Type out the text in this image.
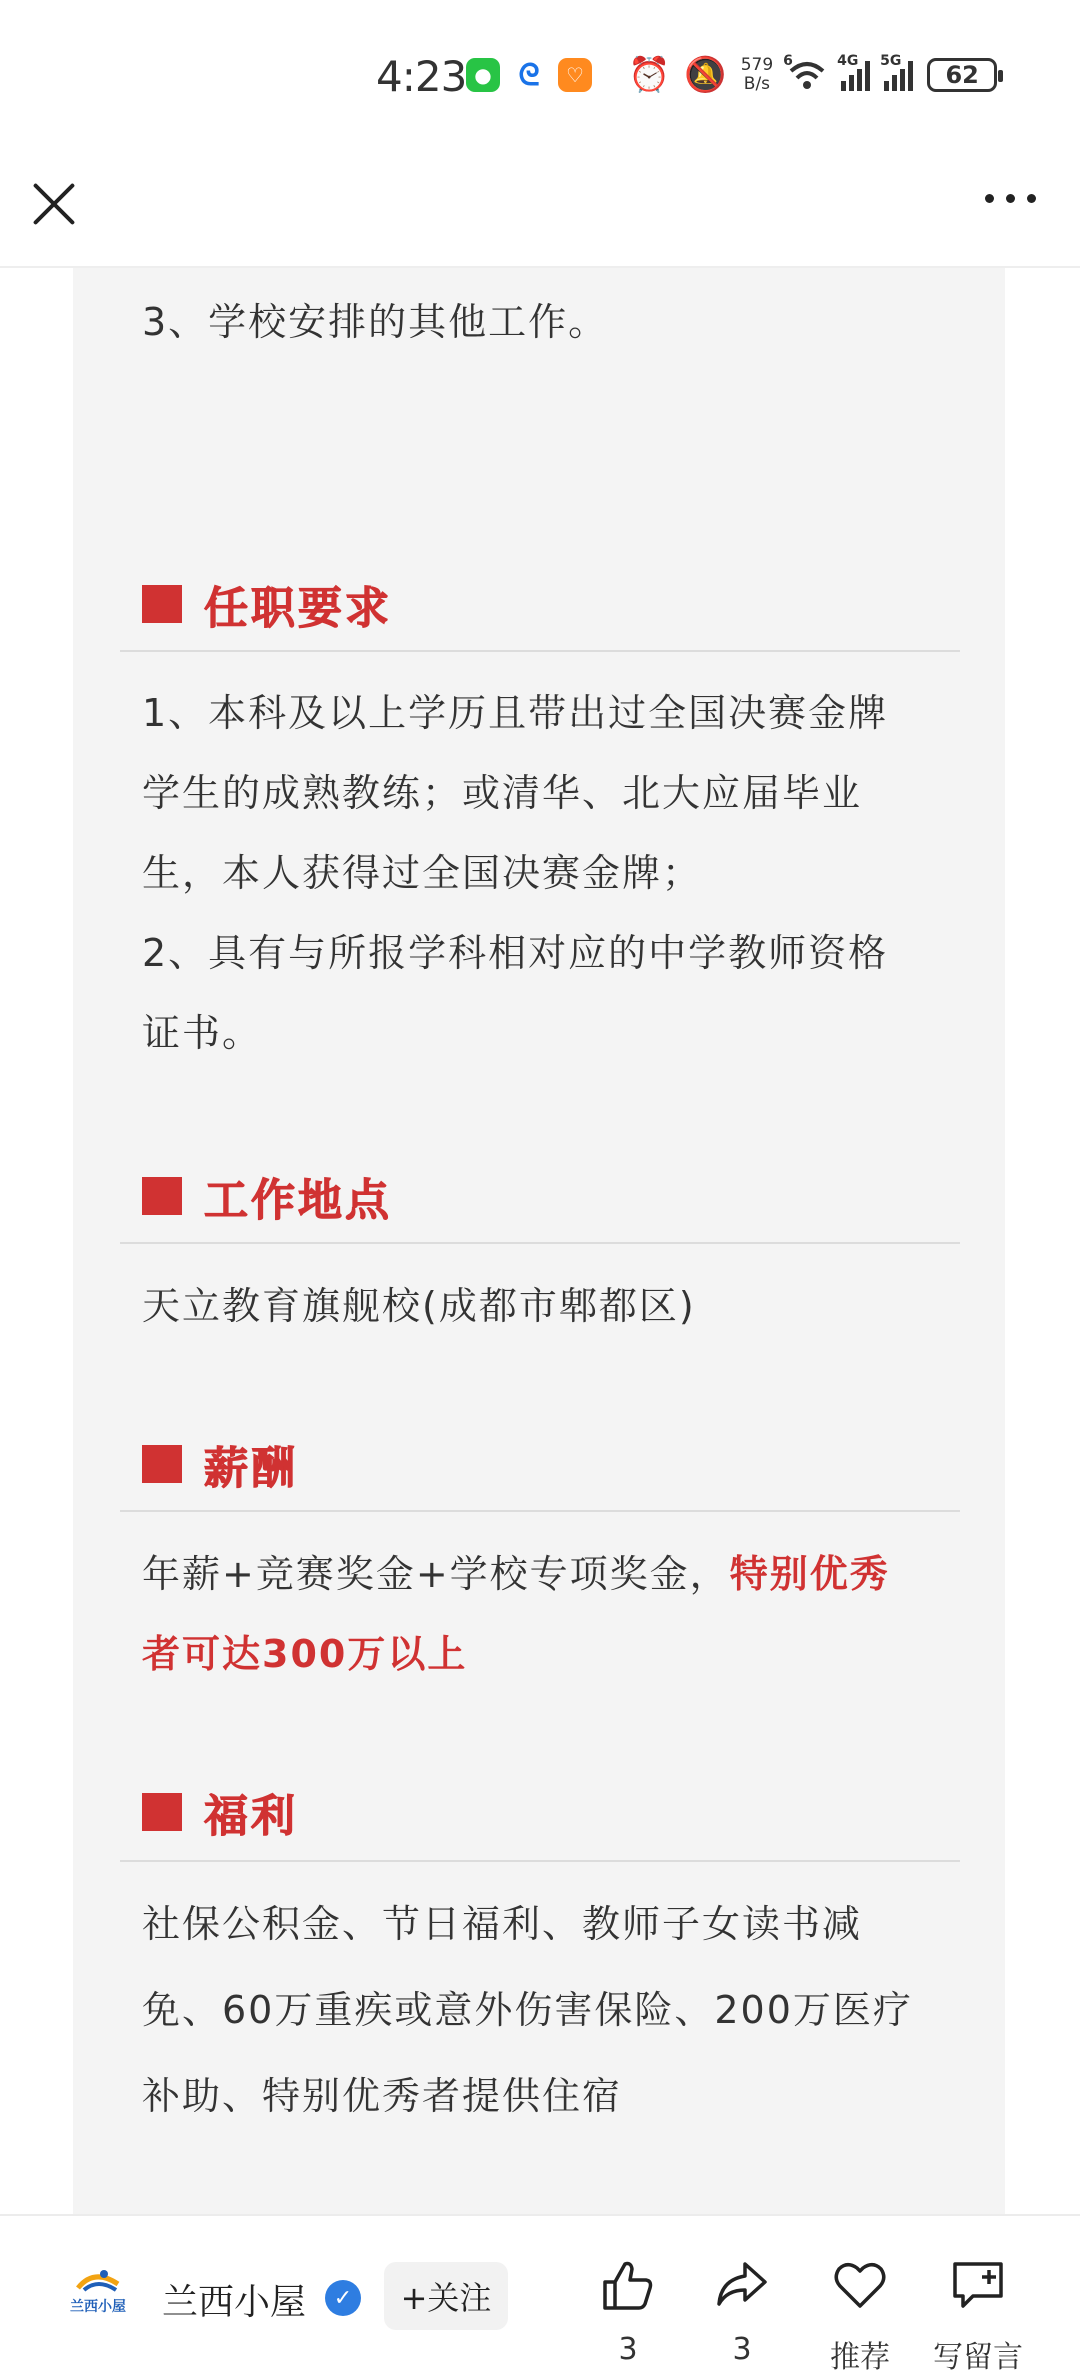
4:23 ● ᘓ	♡ ⏰ 🔕 579
B/s
6	4G 5G	62
3、学校安排的其他工作。
任职要求
1、本科及以上学历且带出过全国决赛金牌
学生的成熟教练；或清华、北大应届毕业
生，本人获得过全国决赛金牌；
2、具有与所报学科相对应的中学教师资格
证书。
工作地点
天立教育旗舰校(成都市郫都区)
薪酬
年薪+竞赛奖金+学校专项奖金，特别优秀
者可达300万以上
福利
社保公积金、节日福利、教师子女读书减
免、60万重疾或意外伤害保险、200万医疗
补助、特别优秀者提供住宿
兰西小屋 兰西小屋	✓	+关注
3	3	推荐	写留言
